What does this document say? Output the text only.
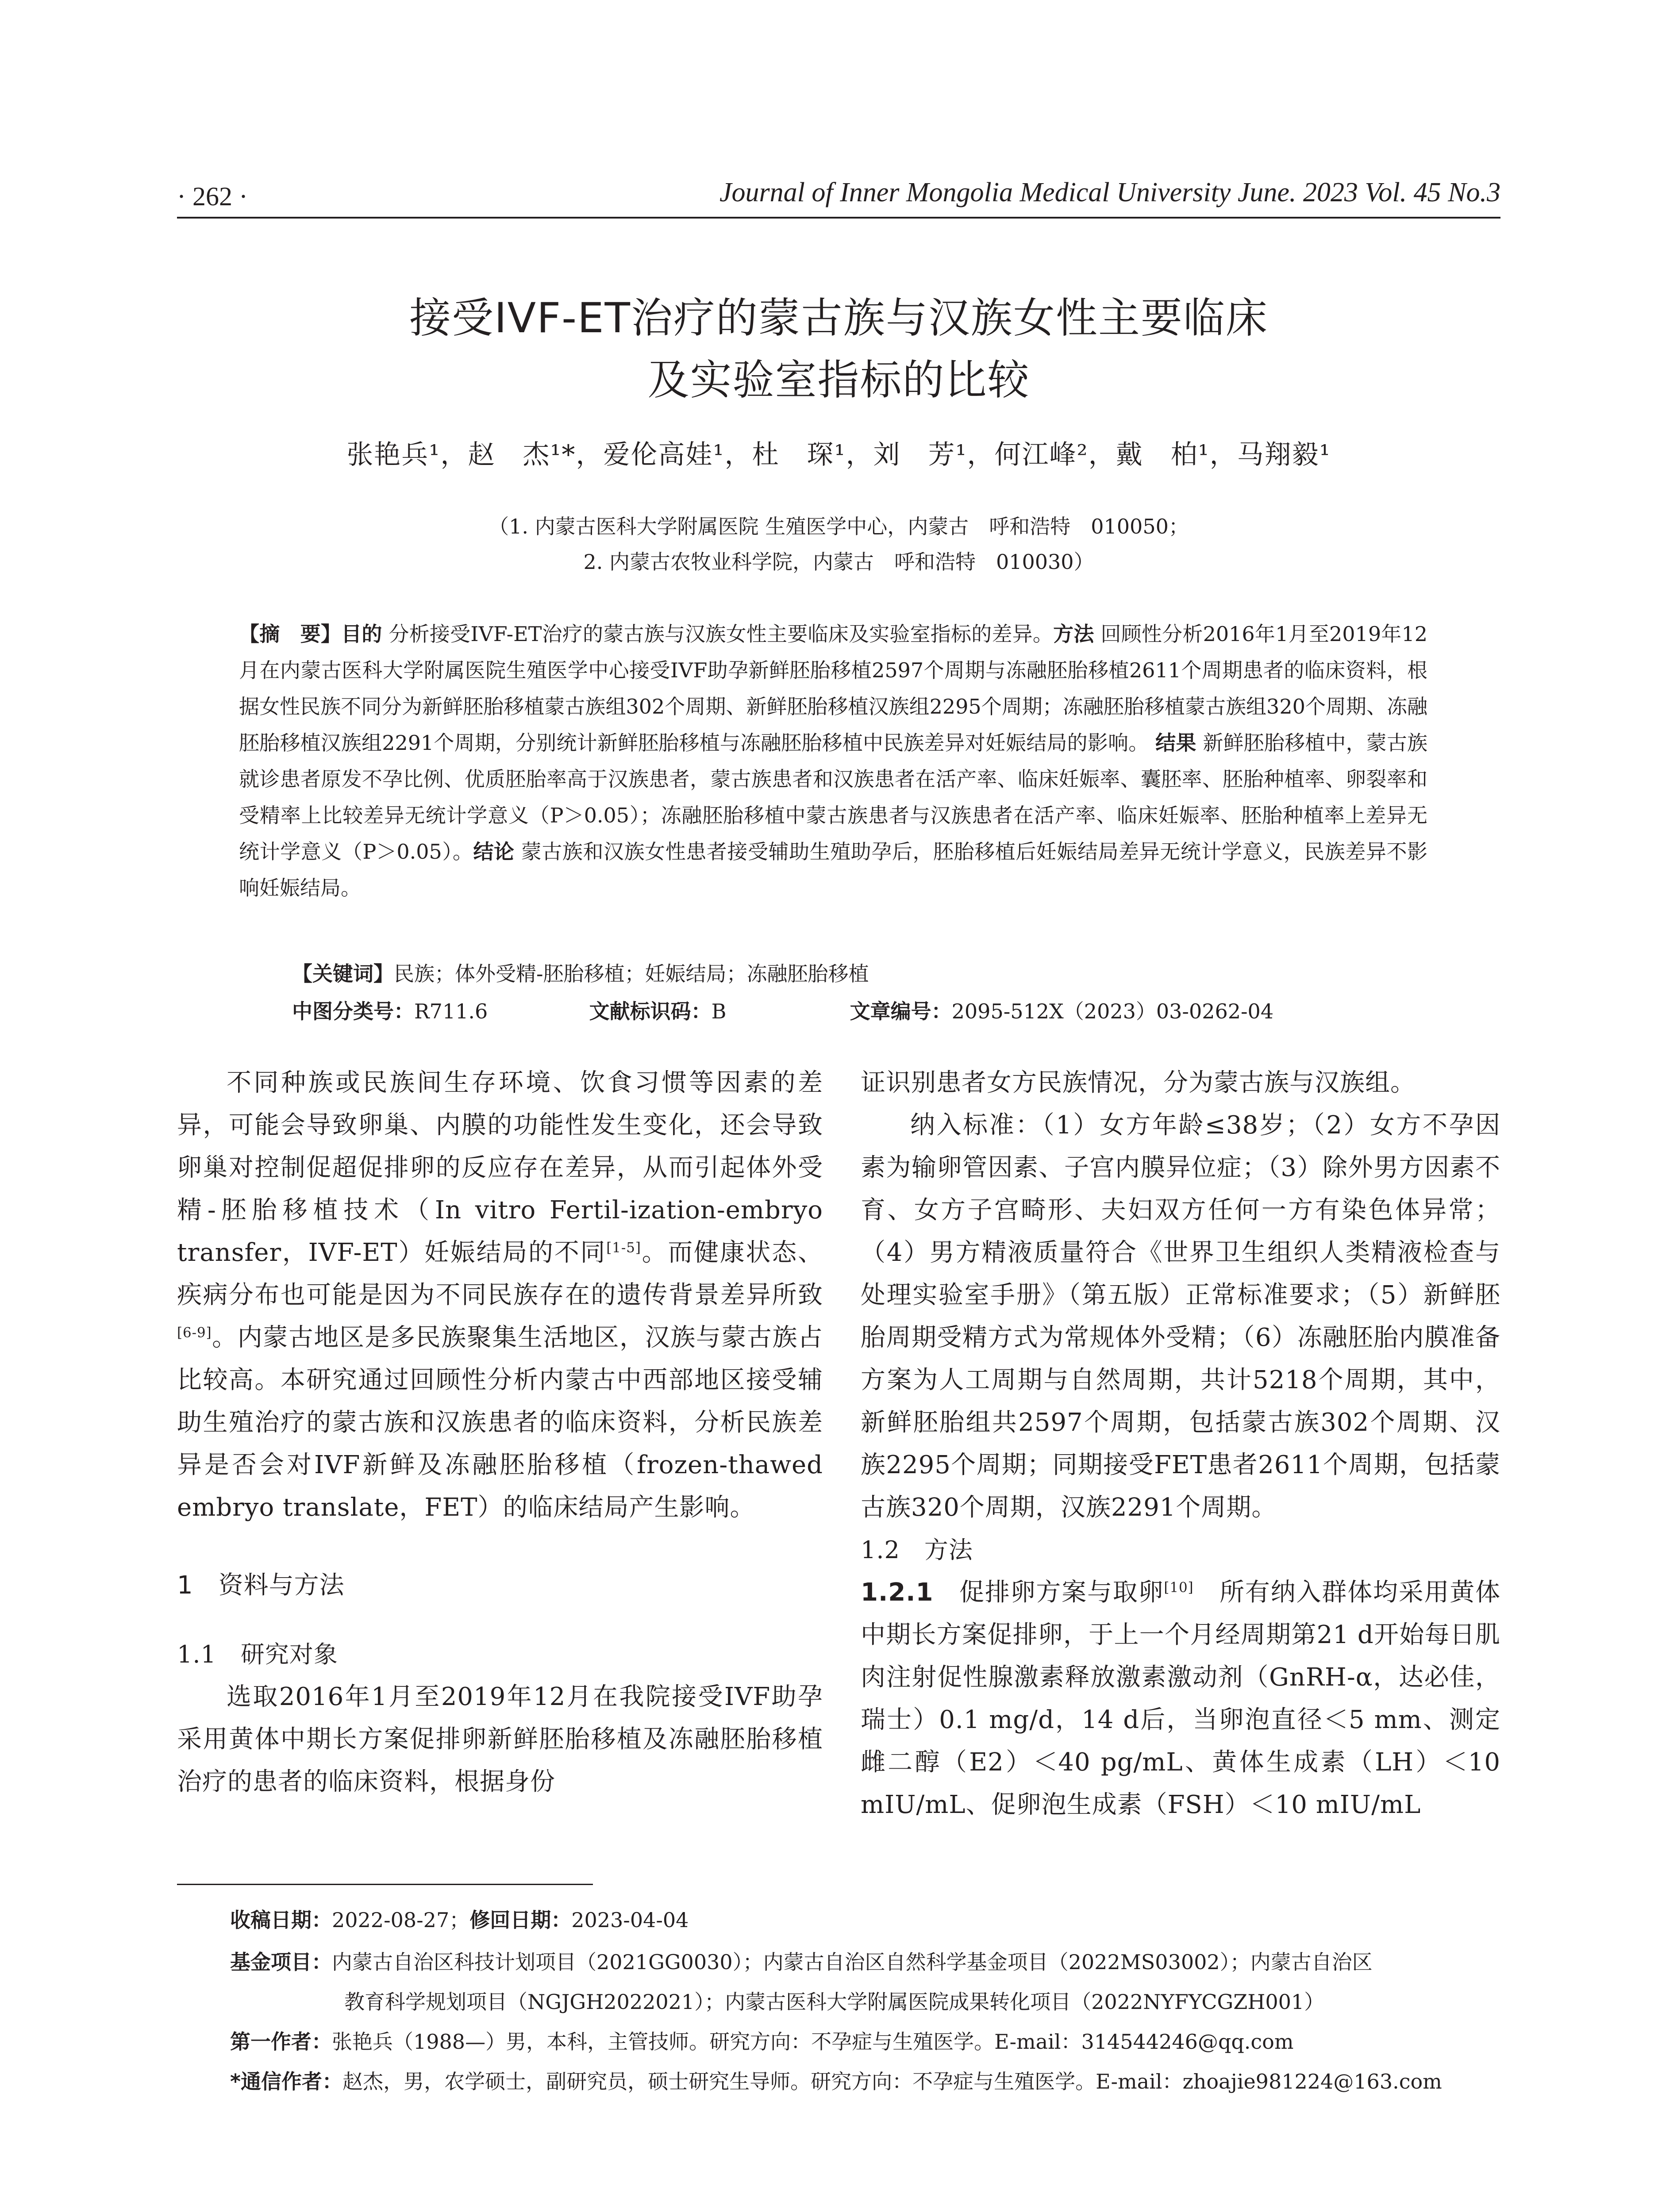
· 262 ·	Journal of Inner Mongolia Medical University June. 2023 Vol. 45 No.3
接受IVF-ET治疗的蒙古族与汉族女性主要临床
及实验室指标的比较
张艳兵¹，赵　杰¹*，爱伦高娃¹，杜　琛¹，刘　芳¹，何江峰²，戴　柏¹，马翔毅¹
（1. 内蒙古医科大学附属医院 生殖医学中心，内蒙古　呼和浩特　010050；
2. 内蒙古农牧业科学院，内蒙古　呼和浩特　010030）
【摘　要】目的 分析接受IVF-ET治疗的蒙古族与汉族女性主要临床及实验室指标的差异。方法 回顾性分析2016年1月至2019年12月在内蒙古医科大学附属医院生殖医学中心接受IVF助孕新鲜胚胎移植2597个周期与冻融胚胎移植2611个周期患者的临床资料，根据女性民族不同分为新鲜胚胎移植蒙古族组302个周期、新鲜胚胎移植汉族组2295个周期；冻融胚胎移植蒙古族组320个周期、冻融胚胎移植汉族组2291个周期，分别统计新鲜胚胎移植与冻融胚胎移植中民族差异对妊娠结局的影响。 结果 新鲜胚胎移植中，蒙古族就诊患者原发不孕比例、优质胚胎率高于汉族患者，蒙古族患者和汉族患者在活产率、临床妊娠率、囊胚率、胚胎种植率、卵裂率和受精率上比较差异无统计学意义（P＞0.05）；冻融胚胎移植中蒙古族患者与汉族患者在活产率、临床妊娠率、胚胎种植率上差异无统计学意义（P＞0.05）。结论 蒙古族和汉族女性患者接受辅助生殖助孕后，胚胎移植后妊娠结局差异无统计学意义，民族差异不影响妊娠结局。
【关键词】民族；体外受精-胚胎移植；妊娠结局；冻融胚胎移植
中图分类号：R711.6	文献标识码：B	文章编号：2095-512X（2023）03-0262-04

不同种族或民族间生存环境、饮食习惯等因素的差异，可能会导致卵巢、内膜的功能性发生变化，还会导致卵巢对控制促超促排卵的反应存在差异，从而引起体外受精-胚胎移植技术（In vitro Fertil-ization-embryo transfer，IVF-ET）妊娠结局的不同[1-5]。而健康状态、疾病分布也可能是因为不同民族存在的遗传背景差异所致[6-9]。内蒙古地区是多民族聚集生活地区，汉族与蒙古族占比较高。本研究通过回顾性分析内蒙古中西部地区接受辅助生殖治疗的蒙古族和汉族患者的临床资料，分析民族差异是否会对IVF新鲜及冻融胚胎移植（frozen-thawed embryo translate，FET）的临床结局产生影响。

1　资料与方法

1.1　研究对象

选取2016年1月至2019年12月在我院接受IVF助孕采用黄体中期长方案促排卵新鲜胚胎移植及冻融胚胎移植治疗的患者的临床资料，根据身份

证识别患者女方民族情况，分为蒙古族与汉族组。

纳入标准：（1）女方年龄≤38岁；（2）女方不孕因素为输卵管因素、子宫内膜异位症；（3）除外男方因素不育、女方子宫畸形、夫妇双方任何一方有染色体异常；（4）男方精液质量符合《世界卫生组织人类精液检查与处理实验室手册》（第五版）正常标准要求；（5）新鲜胚胎周期受精方式为常规体外受精；（6）冻融胚胎内膜准备方案为人工周期与自然周期，共计5218个周期，其中，新鲜胚胎组共2597个周期，包括蒙古族302个周期、汉族2295个周期；同期接受FET患者2611个周期，包括蒙古族320个周期，汉族2291个周期。

1.2　方法

1.2.1　 促排卵方案与取卵[10]　 所有纳入群体均采用黄体中期长方案促排卵，于上一个月经周期第21 d开始每日肌肉注射促性腺激素释放激素激动剂（GnRH-α，达必佳，瑞士）0.1 mg/d，14 d后，当卵泡直径＜5 mm、测定雌二醇（E2）＜40 pg/mL、黄体生成素（LH）＜10 mIU/mL、促卵泡生成素（FSH）＜10 mIU/mL

收稿日期：2022-08-27；修回日期：2023-04-04
基金项目：内蒙古自治区科技计划项目（2021GG0030）；内蒙古自治区自然科学基金项目（2022MS03002）；内蒙古自治区
教育科学规划项目（NGJGH2022021）；内蒙古医科大学附属医院成果转化项目（2022NYFYCGZH001）
第一作者：张艳兵（1988—）男，本科，主管技师。研究方向：不孕症与生殖医学。E-mail：314544246@qq.com
*通信作者：赵杰，男，农学硕士，副研究员，硕士研究生导师。研究方向：不孕症与生殖医学。E-mail：zhoajie981224@163.com
